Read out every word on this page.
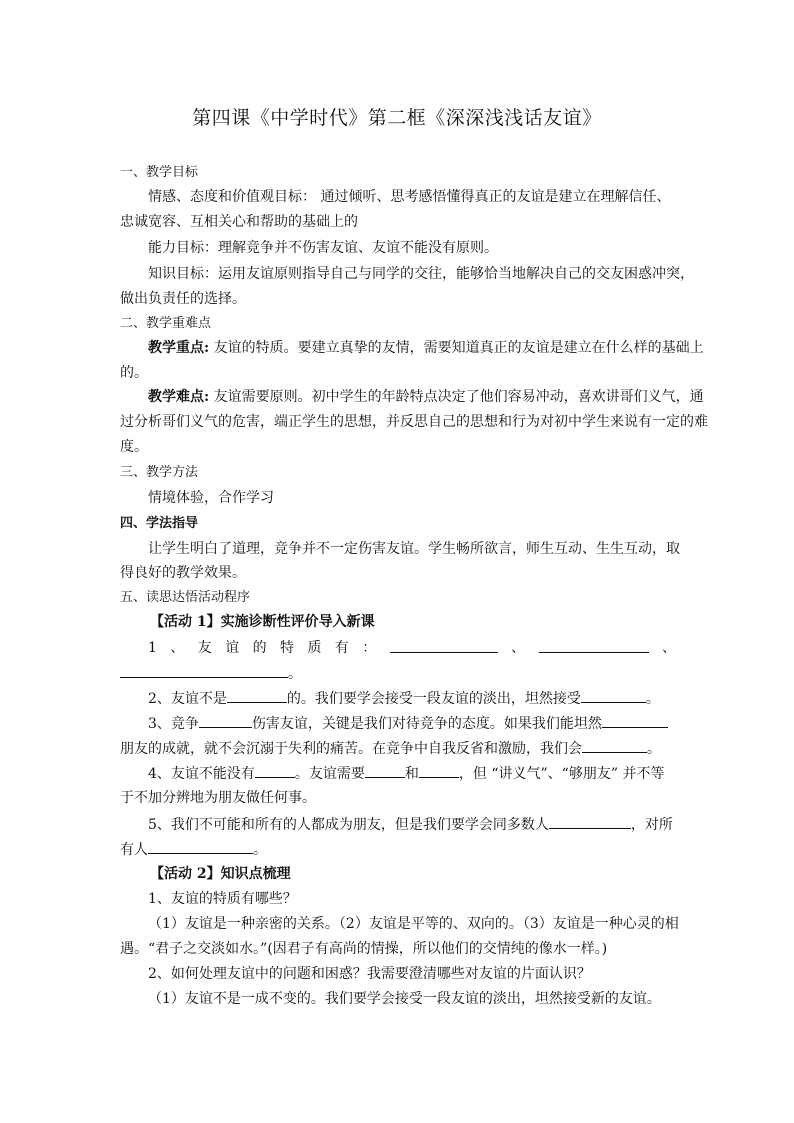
第四课《中学时代》第二框《深深浅浅话友谊》
一、教学目标
情感、态度和价值观目标： 通过倾听、思考感悟懂得真正的友谊是建立在理解信任、
忠诚宽容、互相关心和帮助的基础上的
能力目标：理解竞争并不伤害友谊、友谊不能没有原则。
知识目标：运用友谊原则指导自己与同学的交往，能够恰当地解决自己的交友困惑冲突，
做出负责任的选择。
二、教学重难点
教学重点: 友谊的特质。要建立真挚的友情，需要知道真正的友谊是建立在什么样的基础上
的。
教学难点: 友谊需要原则。初中学生的年龄特点决定了他们容易冲动，喜欢讲哥们义气，通
过分析哥们义气的危害，端正学生的思想，并反思自己的思想和行为对初中学生来说有一定的难
度。
三、教学方法
情境体验，合作学习
四、学法指导
让学生明白了道理，竞争并不一定伤害友谊。学生畅所欲言，师生互动、生生互动，取
得良好的教学效果。
五、读思达悟活动程序
【活动 1】实施诊断性评价导入新课
1 、 友 谊 的 特 质 有 ：	、	、
。
2、友谊不是	的。我们要学会接受一段友谊的淡出，坦然接受	。
3、竞争	伤害友谊，关键是我们对待竞争的态度。如果我们能坦然
朋友的成就，就不会沉溺于失利的痛苦。在竞争中自我反省和激励，我们会	。
4、友谊不能没有	。友谊需要	和	，但 “讲义气”、“够朋友” 并不等
于不加分辨地为朋友做任何事。
5、我们不可能和所有的人都成为朋友，但是我们要学会同多数人	，对所
有人	。
【活动 2】知识点梳理
1、友谊的特质有哪些？
（1）友谊是一种亲密的关系。（2）友谊是平等的、双向的。（3）友谊是一种心灵的相
遇。“君子之交淡如水。”(因君子有高尚的情操，所以他们的交情纯的像水一样。)
2、如何处理友谊中的问题和困惑？我需要澄清哪些对友谊的片面认识？
（1）友谊不是一成不变的。我们要学会接受一段友谊的淡出，坦然接受新的友谊。
